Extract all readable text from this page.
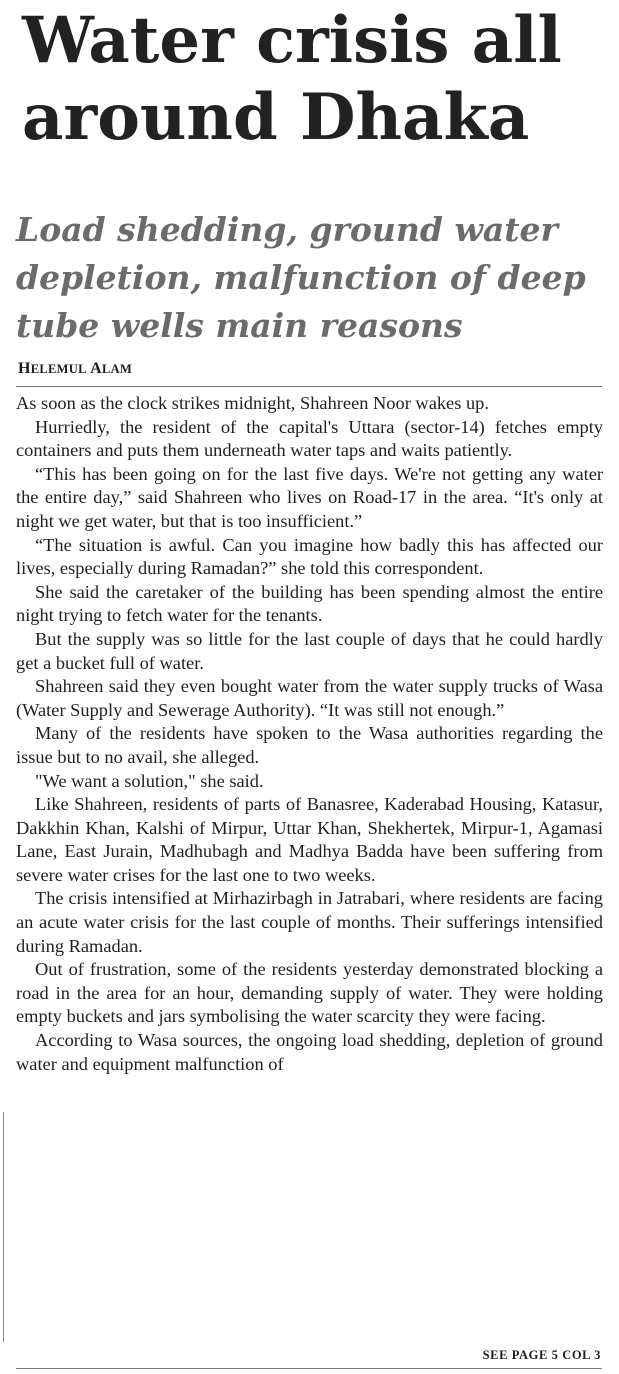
Water crisis all around Dhaka
Load shedding, ground water depletion, malfunction of deep tube wells main reasons
HELEMUL ALAM

As soon as the clock strikes midnight, Shahreen Noor wakes up.

Hurriedly, the resident of the capital's Uttara (sector-14) fetches empty containers and puts them underneath water taps and waits patiently.

“This has been going on for the last five days. We're not getting any water the entire day,” said Shahreen who lives on Road-17 in the area. “It's only at night we get water, but that is too insufficient.”

“The situation is awful. Can you imagine how badly this has affected our lives, especially during Ramadan?” she told this correspondent.

She said the caretaker of the building has been spending almost the entire night trying to fetch water for the tenants.

But the supply was so little for the last couple of days that he could hardly get a bucket full of water.

Shahreen said they even bought water from the water supply trucks of Wasa (Water Supply and Sewerage Authority). “It was still not enough.”

Many of the residents have spoken to the Wasa authorities regarding the issue but to no avail, she alleged.

"We want a solution," she said.

Like Shahreen, residents of parts of Banasree, Kaderabad Housing, Katasur, Dakkhin Khan, Kalshi of Mirpur, Uttar Khan, Shekhertek, Mirpur-1, Agamasi Lane, East Jurain, Madhubagh and Madhya Badda have been suffering from severe water crises for the last one to two weeks.

The crisis intensified at Mirhazirbagh in Jatrabari, where residents are facing an acute water crisis for the last couple of months. Their sufferings intensified during Ramadan.

Out of frustration, some of the residents yesterday demonstrated blocking a road in the area for an hour, demanding supply of water. They were holding empty buckets and jars symbolising the water scarcity they were facing.

According to Wasa sources, the ongoing load shedding, depletion of ground water and equipment malfunction of

SEE PAGE 5 COL 3
